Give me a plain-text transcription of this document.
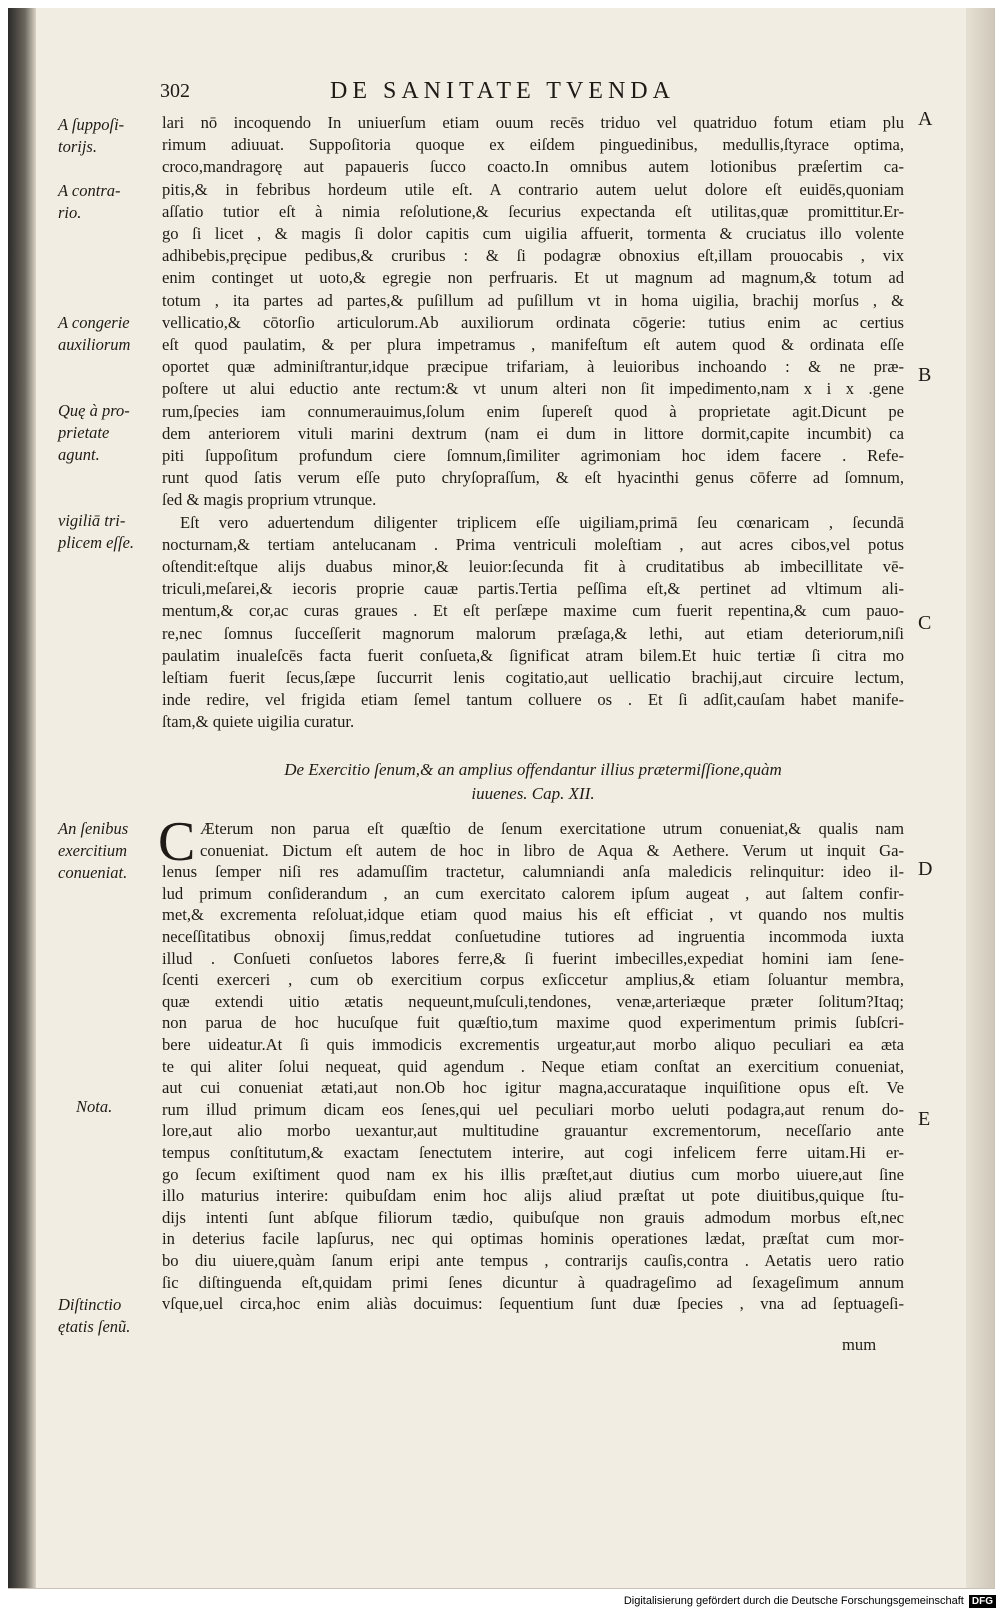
302	DE SANITATE TVENDA
A
B
C
D
E
A ſuppoſi-
torijs.
A contra-
rio.
A congerie
auxiliorum
Quę à pro-
prietate
agunt.
vigiliā tri-
plicem eſſe.
An ſenibus
exercitium
conueniat.
Nota.
Diſtinctio
ętatis ſenũ.
lari nō incoquendo In uniuerſum etiam ouum recēs triduo vel quatriduo fotum etiam plu
rimum adiuuat. Suppoſitoria quoque ex eiſdem pinguedinibus, medullis,ſtyrace optima,
croco,mandragorę aut papaueris ſucco coacto.In omnibus autem lotionibus præſertim ca-
pitis,& in febribus hordeum utile eſt. A contrario autem uelut dolore eſt euidēs,quoniam
aſſatio tutior eſt à nimia reſolutione,& ſecurius expectanda eſt utilitas,quæ promittitur.Er-
go ſi licet , & magis ſi dolor capitis cum uigilia affuerit, tormenta & cruciatus illo volente
adhibebis,pręcipue pedibus,& cruribus : & ſi podagræ obnoxius eſt,illam prouocabis , vix
enim continget ut uoto,& egregie non perfruaris. Et ut magnum ad magnum,& totum ad
totum , ita partes ad partes,& puſillum ad puſillum vt in homa uigilia, brachij morſus , &
vellicatio,& cōtorſio articulorum.Ab auxiliorum ordinata cōgerie: tutius enim ac certius
eſt quod paulatim, & per plura impetramus , manifeſtum eſt autem quod & ordinata eſſe
oportet quæ adminiſtrantur,idque præcipue trifariam, à leuioribus inchoando : & ne præ-
poſtere ut alui eductio ante rectum:& vt unum alteri non ſit impedimento,nam x i x .gene
rum,ſpecies iam connumerauimus,ſolum enim ſupereſt quod à proprietate agit.Dicunt pe
dem anteriorem vituli marini dextrum (nam ei dum in littore dormit,capite incumbit) ca
piti ſuppoſitum profundum ciere ſomnum,ſimiliter agrimoniam hoc idem facere . Refe-
runt quod ſatis verum eſſe puto chryſopraſſum, & eſt hyacinthi genus cōferre ad ſomnum,
ſed & magis proprium vtrunque.
Eſt vero aduertendum diligenter triplicem eſſe uigiliam,primā ſeu cœnaricam , ſecundā
nocturnam,& tertiam antelucanam . Prima ventriculi moleſtiam , aut acres cibos,vel potus
oſtendit:eſtque alijs duabus minor,& leuior:ſecunda fit à cruditatibus ab imbecillitate vē-
triculi,meſarei,& iecoris proprie cauæ partis.Tertia peſſima eſt,& pertinet ad vltimum ali-
mentum,& cor,ac curas graues . Et eſt perſæpe maxime cum fuerit repentina,& cum pauo-
re,nec ſomnus ſucceſſerit magnorum malorum præſaga,& lethi, aut etiam deteriorum,niſi
paulatim inualeſcēs facta fuerit conſueta,& ſignificat atram bilem.Et huic tertiæ ſi citra mo
leſtiam fuerit ſecus,ſæpe ſuccurrit lenis cogitatio,aut uellicatio brachij,aut circuire lectum,
inde redire, vel frigida etiam ſemel tantum colluere os . Et ſi adſit,cauſam habet manife-
ſtam,& quiete uigilia curatur.
De Exercitio ſenum,& an amplius offendantur illius prætermiſſione,quàm
iuuenes. Cap. XII.
C Æterum non parua eſt quæſtio de ſenum exercitatione utrum conueniat,& qualis nam
conueniat. Dictum eſt autem de hoc in libro de Aqua & Aethere. Verum ut inquit Ga-
lenus ſemper niſi res adamuſſim tractetur, calumniandi anſa maledicis relinquitur: ideo il-
lud primum conſiderandum , an cum exercitato calorem ipſum augeat , aut ſaltem confir-
met,& excrementa reſoluat,idque etiam quod maius his eſt efficiat , vt quando nos multis
neceſſitatibus obnoxij ſimus,reddat conſuetudine tutiores ad ingruentia incommoda iuxta
illud . Conſueti conſuetos labores ferre,& ſi fuerint imbecilles,expediat homini iam ſene-
ſcenti exerceri , cum ob exercitium corpus exſiccetur amplius,& etiam ſoluantur membra,
quæ extendi uitio ætatis nequeunt,muſculi,tendones, venæ,arteriæque præter ſolitum?Itaq;
non parua de hoc hucuſque fuit quæſtio,tum maxime quod experimentum primis ſubſcri-
bere uideatur.At ſi quis immodicis excrementis urgeatur,aut morbo aliquo peculiari ea æta
te qui aliter ſolui nequeat, quid agendum . Neque etiam conſtat an exercitium conueniat,
aut cui conueniat ætati,aut non.Ob hoc igitur magna,accurataque inquiſitione opus eſt. Ve
rum illud primum dicam eos ſenes,qui uel peculiari morbo ueluti podagra,aut renum do-
lore,aut alio morbo uexantur,aut multitudine grauantur excrementorum, neceſſario ante
tempus conſtitutum,& exactam ſenectutem interire, aut cogi infelicem ferre uitam.Hi er-
go ſecum exiſtiment quod nam ex his illis præſtet,aut diutius cum morbo uiuere,aut ſine
illo maturius interire: quibuſdam enim hoc alijs aliud præſtat ut pote diuitibus,quique ſtu-
dijs intenti ſunt abſque filiorum tædio, quibuſque non grauis admodum morbus eſt,nec
in deterius facile lapſurus, nec qui optimas hominis operationes lædat, præſtat cum mor-
bo diu uiuere,quàm ſanum eripi ante tempus , contrarijs cauſis,contra . Aetatis uero ratio
ſic diſtinguenda eſt,quidam primi ſenes dicuntur à quadrageſimo ad ſexageſimum annum
vſque,uel circa,hoc enim aliàs docuimus: ſequentium ſunt duæ ſpecies , vna ad ſeptuageſi-
mum
Digitalisierung gefördert durch die Deutsche Forschungsgemeinschaft DFG
